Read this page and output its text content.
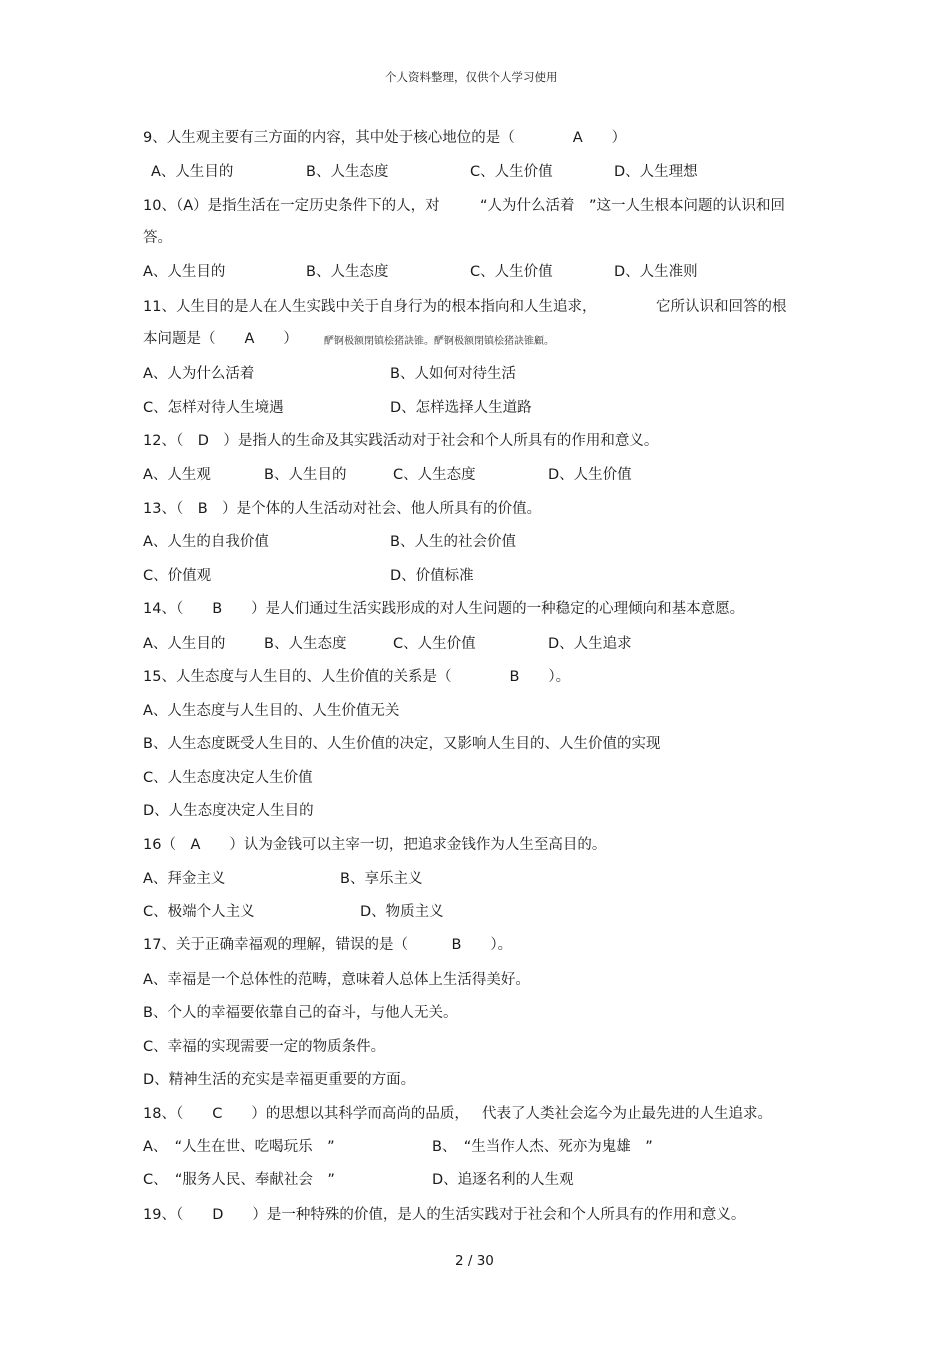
个人资料整理，仅供个人学习使用
9、人生观主要有三方面的内容，其中处于核心地位的是（　　　　A　　）
A、人生目的	B、人生态度	C、人生价值	D、人生理想
10、（A）是指生活在一定历史条件下的人，对	“人为什么活着　”这一人生根本问题的认识和回
答。
A、人生目的	B、人生态度	C、人生价值	D、人生准则
11、人生目的是人在人生实践中关于自身行为的根本指向和人生追求，	它所认识和回答的根
本问题是（　　A　　）	酽锕极额閉镇桧猪訣锥。酽锕极额閉镇桧猪訣锥顧。
A、人为什么活着	B、人如何对待生活
C、怎样对待人生境遇	D、怎样选择人生道路
12、（　D　）是指人的生命及其实践活动对于社会和个人所具有的作用和意义。
A、人生观	B、人生目的	C、人生态度	D、人生价值
13、（　B　）是个体的人生活动对社会、他人所具有的价值。
A、人生的自我价值	B、人生的社会价值
C、价值观	D、价值标准
14、（　　B　　）是人们通过生活实践形成的对人生问题的一种稳定的心理倾向和基本意愿。
A、人生目的	B、人生态度	C、人生价值	D、人生追求
15、人生态度与人生目的、人生价值的关系是（　　　　B　　）。
A、人生态度与人生目的、人生价值无关
B、人生态度既受人生目的、人生价值的决定，又影响人生目的、人生价值的实现
C、人生态度决定人生价值
D、人生态度决定人生目的
16（　A　　）认为金钱可以主宰一切，把追求金钱作为人生至高目的。
A、拜金主义	B、享乐主义
C、极端个人主义	D、物质主义
17、关于正确幸福观的理解，错误的是（　　　B　　）。
A、幸福是一个总体性的范畴，意味着人总体上生活得美好。
B、个人的幸福要依靠自己的奋斗，与他人无关。
C、幸福的实现需要一定的物质条件。
D、精神生活的充实是幸福更重要的方面。
18、（　　C　　）的思想以其科学而高尚的品质， 代表了人类社会迄今为止最先进的人生追求。
A、　“人生在世、吃喝玩乐　”	B、　“生当作人杰、死亦为鬼雄　”
C、　“服务人民、奉献社会　”	D、追逐名利的人生观
19、（　　D　　）是一种特殊的价值，是人的生活实践对于社会和个人所具有的作用和意义。
2 / 30
